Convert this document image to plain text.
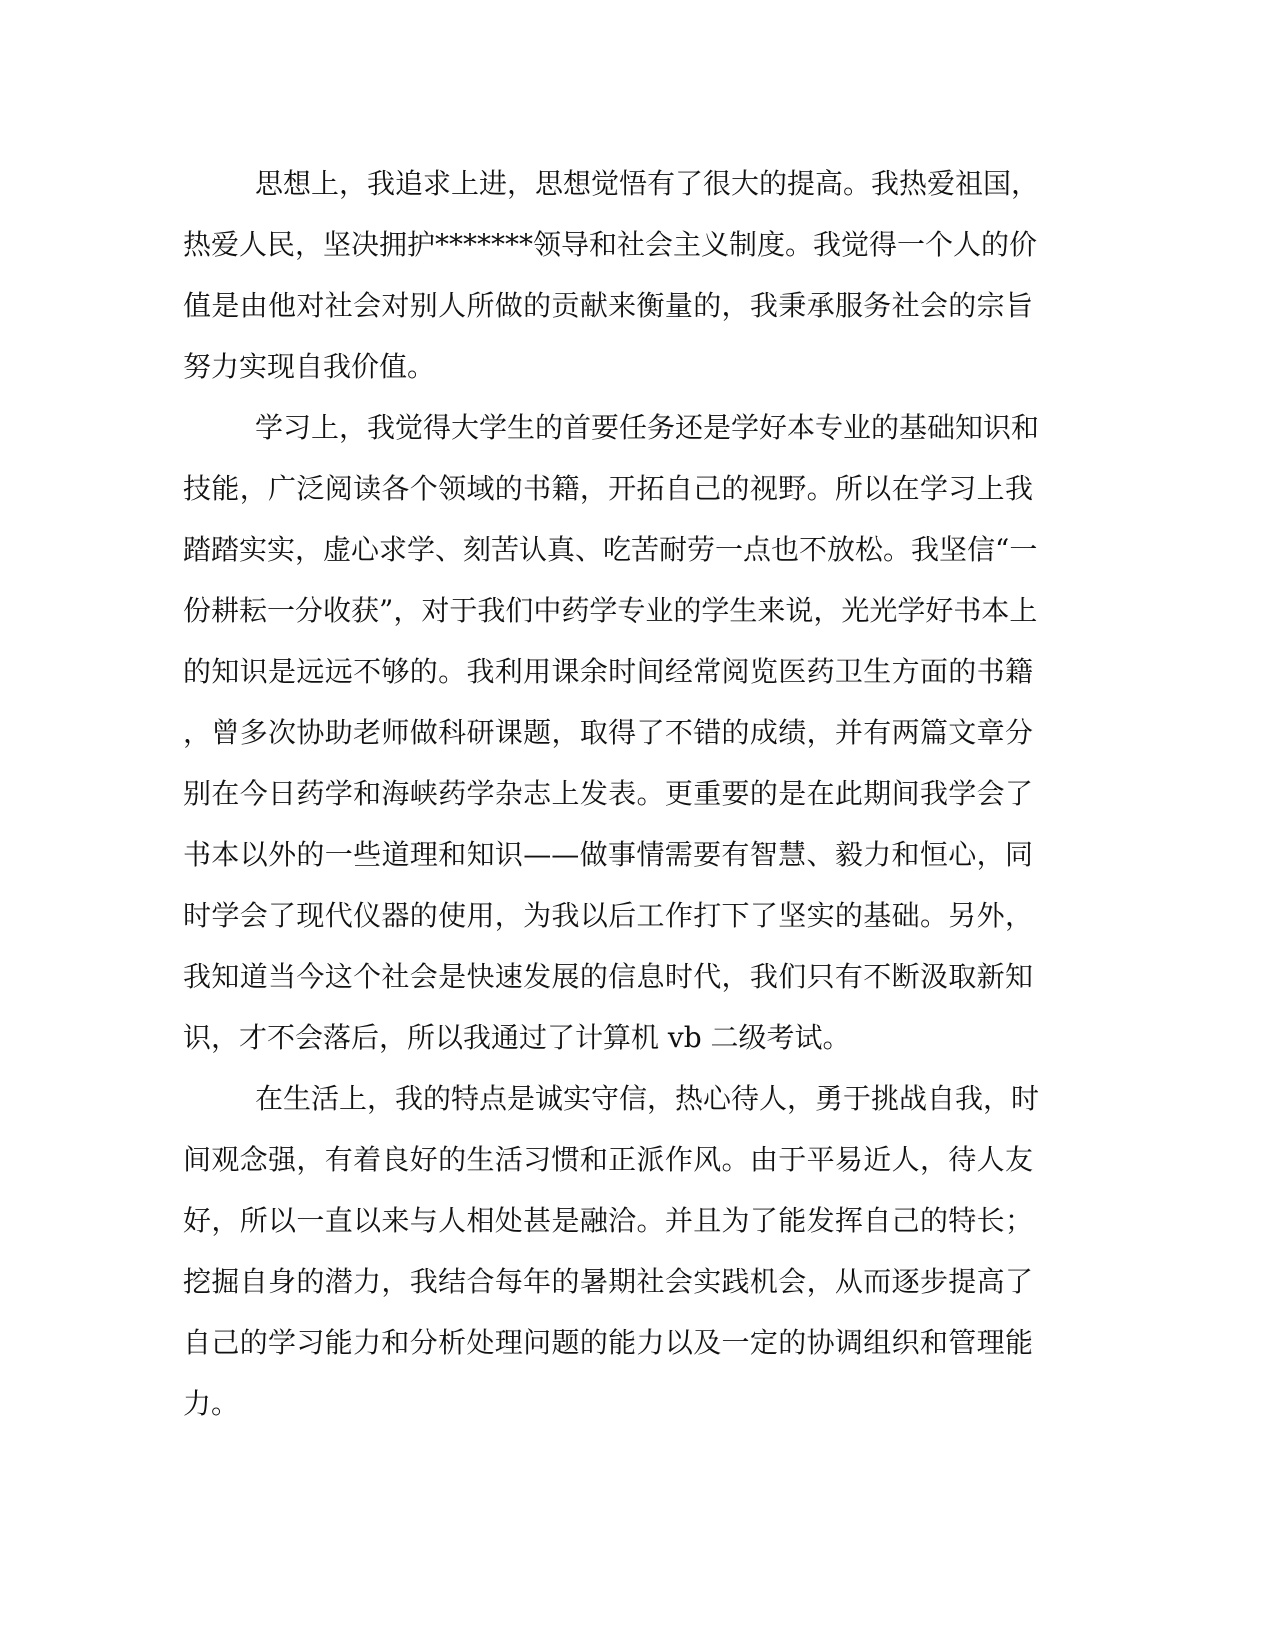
思想上，我追求上进，思想觉悟有了很大的提高。我热爱祖国，
热爱人民，坚决拥护*******领导和社会主义制度。我觉得一个人的价
值是由他对社会对别人所做的贡献来衡量的，我秉承服务社会的宗旨
努力实现自我价值。
学习上，我觉得大学生的首要任务还是学好本专业的基础知识和
技能，广泛阅读各个领域的书籍，开拓自己的视野。所以在学习上我
踏踏实实，虚心求学、刻苦认真、吃苦耐劳一点也不放松。我坚信“一
份耕耘一分收获”，对于我们中药学专业的学生来说，光光学好书本上
的知识是远远不够的。我利用课余时间经常阅览医药卫生方面的书籍
，曾多次协助老师做科研课题，取得了不错的成绩，并有两篇文章分
别在今日药学和海峡药学杂志上发表。更重要的是在此期间我学会了
书本以外的一些道理和知识——做事情需要有智慧、毅力和恒心，同
时学会了现代仪器的使用，为我以后工作打下了坚实的基础。另外，
我知道当今这个社会是快速发展的信息时代，我们只有不断汲取新知
识，才不会落后，所以我通过了计算机 vb 二级考试。
在生活上，我的特点是诚实守信，热心待人，勇于挑战自我，时
间观念强，有着良好的生活习惯和正派作风。由于平易近人，待人友
好，所以一直以来与人相处甚是融洽。并且为了能发挥自己的特长；
挖掘自身的潜力，我结合每年的暑期社会实践机会，从而逐步提高了
自己的学习能力和分析处理问题的能力以及一定的协调组织和管理能
力。
